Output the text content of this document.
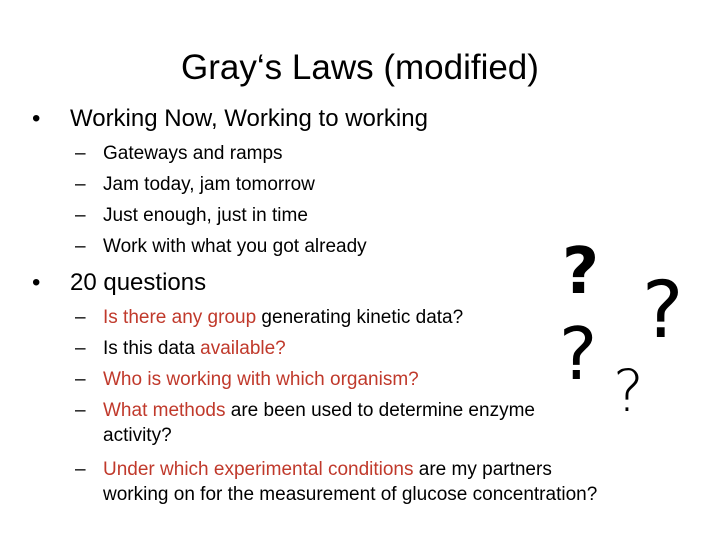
Gray‘s Laws (modified)
• Working Now, Working to working
– Gateways and ramps
– Jam today, jam tomorrow
– Just enough, just in time
– Work with what you got already
• 20 questions
– Is there any group generating kinetic data?
– Is this data available?
– Who is working with which organism?
– What methods are been used to determine enzyme
activity?
– Under which experimental conditions are my partners
working on for the measurement of glucose concentration?
? ?
? ?
